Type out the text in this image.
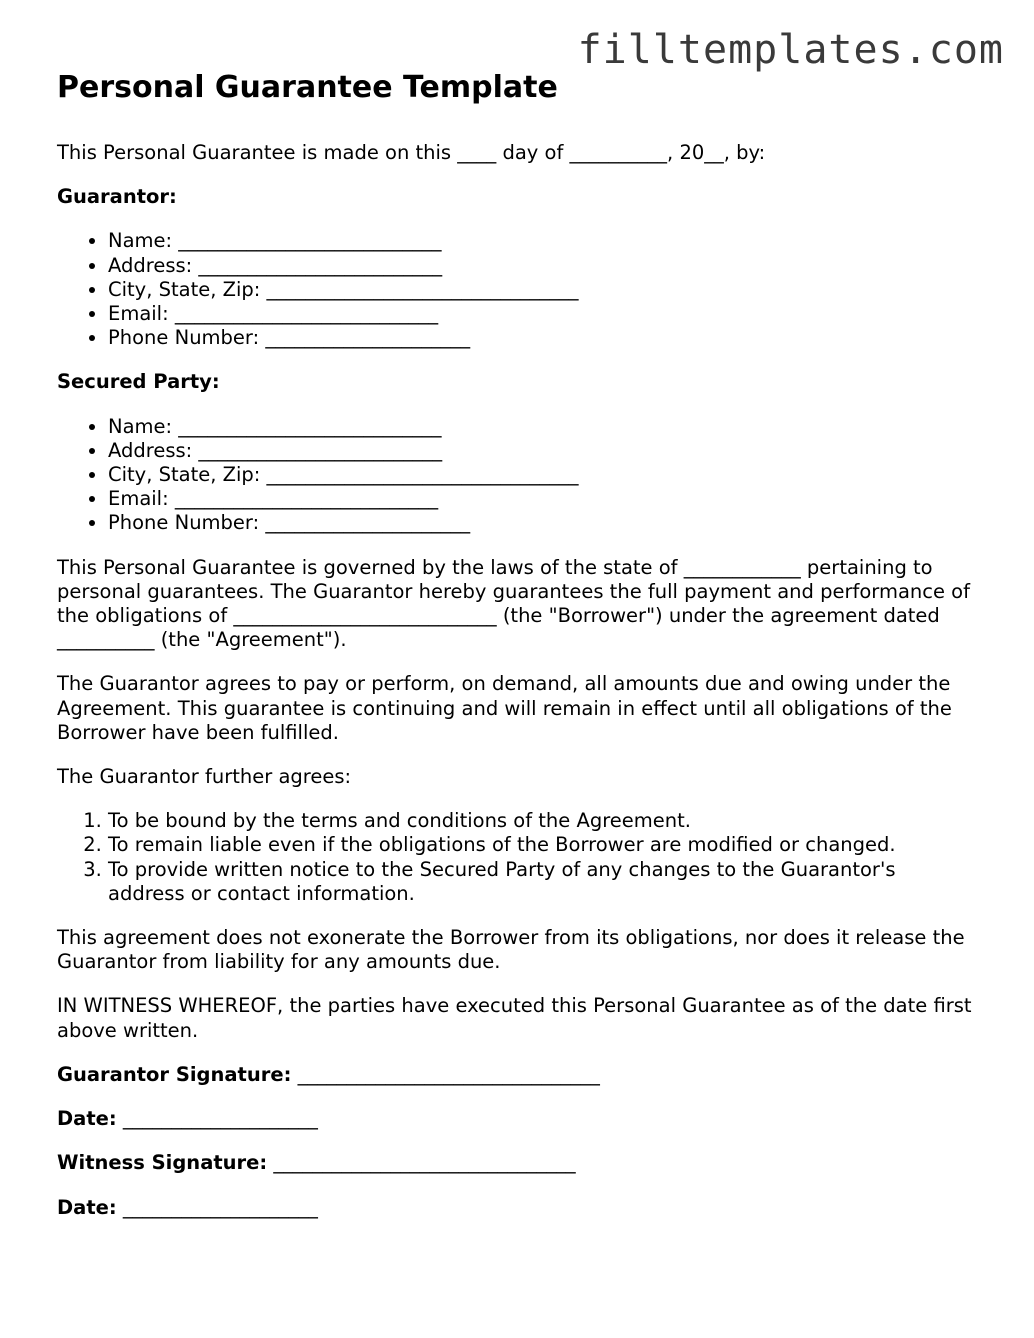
filltemplates.com
Personal Guarantee Template

This Personal Guarantee is made on this ____ day of __________, 20__, by:

Guarantor:
• Name: ___________________________
• Address: _________________________
• City, State, Zip: ________________________________
• Email: ___________________________
• Phone Number: _____________________
Secured Party:
• Name: ___________________________
• Address: _________________________
• City, State, Zip: ________________________________
• Email: ___________________________
• Phone Number: _____________________

This Personal Guarantee is governed by the laws of the state of ____________ pertaining to personal guarantees. The Guarantor hereby guarantees the full payment and performance of the obligations of ___________________________ (the "Borrower") under the agreement dated __________ (the "Agreement").

The Guarantor agrees to pay or perform, on demand, all amounts due and owing under the Agreement. This guarantee is continuing and will remain in effect until all obligations of the Borrower have been fulfilled.

The Guarantor further agrees:

1. To be bound by the terms and conditions of the Agreement.
2. To remain liable even if the obligations of the Borrower are modified or changed.
3. To provide written notice to the Secured Party of any changes to the Guarantor's address or contact information.

This agreement does not exonerate the Borrower from its obligations, nor does it release the Guarantor from liability for any amounts due.

IN WITNESS WHEREOF, the parties have executed this Personal Guarantee as of the date first above written.

Guarantor Signature: _______________________________
Date: ____________________
Witness Signature: _______________________________
Date: ____________________
